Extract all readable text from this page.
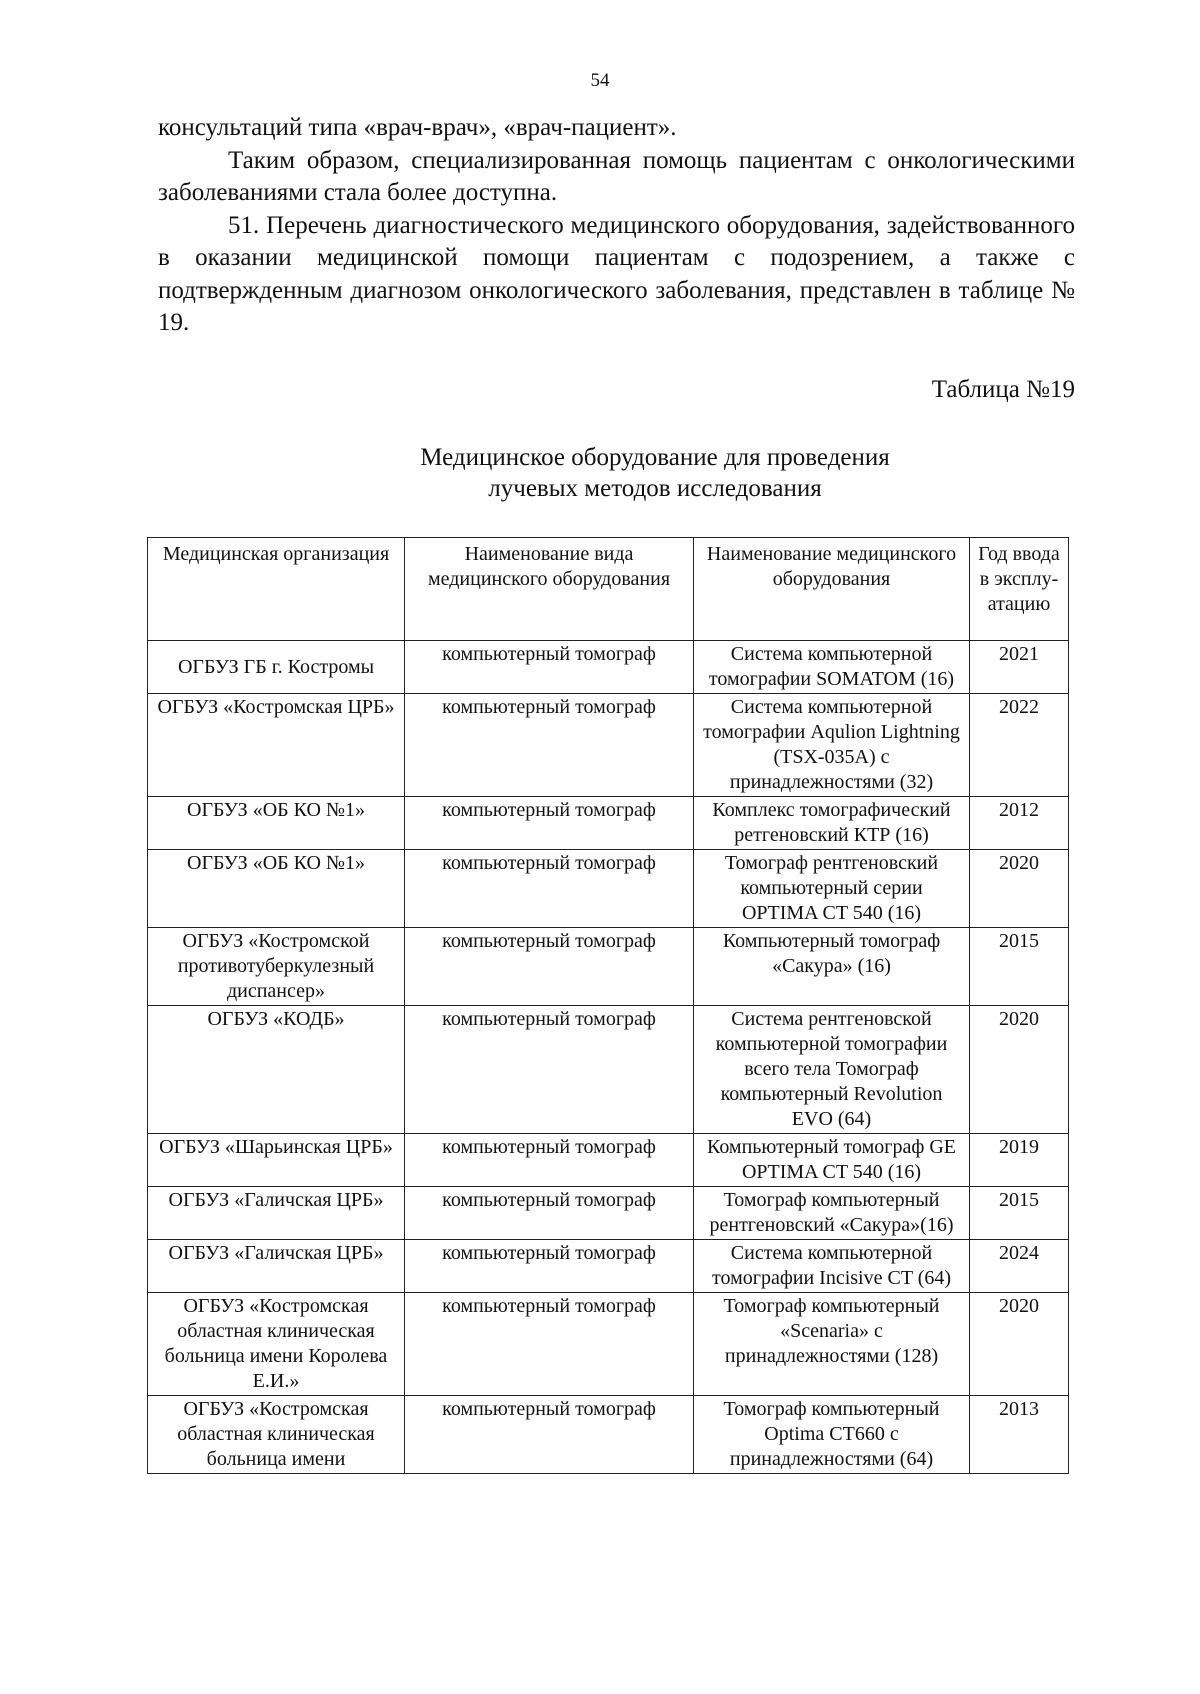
54

консультаций типа «врач-врач», «врач-пациент».

Таким образом, специализированная помощь пациентам с онкологическими заболеваниями стала более доступна.

51. Перечень диагностического медицинского оборудования, задействованного в оказании медицинской помощи пациентам с подозрением, а также с подтвержденным диагнозом онкологического заболевания, представлен в таблице № 19.

Таблица №19
Медицинское оборудование для проведения
лучевых методов исследования
Медицинская организация	Наименование вида медицинского оборудования	Наименование медицинского оборудования	Год ввода в эксплу-атацию
ОГБУЗ ГБ г. Костромы	компьютерный томограф	Система компьютерной томографии SOMATOM (16)	2021
ОГБУЗ «Костромская ЦРБ»	компьютерный томограф	Система компьютерной томографии Aqulion Lightning (TSX-035A) с принадлежностями (32)	2022
ОГБУЗ «ОБ КО №1»	компьютерный томограф	Комплекс томографический ретгеновский КТР (16)	2012
ОГБУЗ «ОБ КО №1»	компьютерный томограф	Томограф рентгеновский компьютерный серии OPTIMA CT 540 (16)	2020
ОГБУЗ «Костромской противотуберкулезный диспансер»	компьютерный томограф	Компьютерный томограф «Сакура» (16)	2015
ОГБУЗ «КОДБ»	компьютерный томограф	Система рентгеновской компьютерной томографии всего тела Томограф компьютерный Revolution EVO (64)	2020
ОГБУЗ «Шарьинская ЦРБ»	компьютерный томограф	Компьютерный томограф GE OPTIMA CT 540 (16)	2019
ОГБУЗ «Галичская ЦРБ»	компьютерный томограф	Томограф компьютерный рентгеновский «Сакура»(16)	2015
ОГБУЗ «Галичская ЦРБ»	компьютерный томограф	Система компьютерной томографии Incisive CT (64)	2024
ОГБУЗ «Костромская областная клиническая больница имени Королева Е.И.»	компьютерный томограф	Томограф компьютерный «Scenaria» с принадлежностями (128)	2020
ОГБУЗ «Костромская областная клиническая больница имени	компьютерный томограф	Томограф компьютерный Optima CT660 с принадлежностями (64)	2013
